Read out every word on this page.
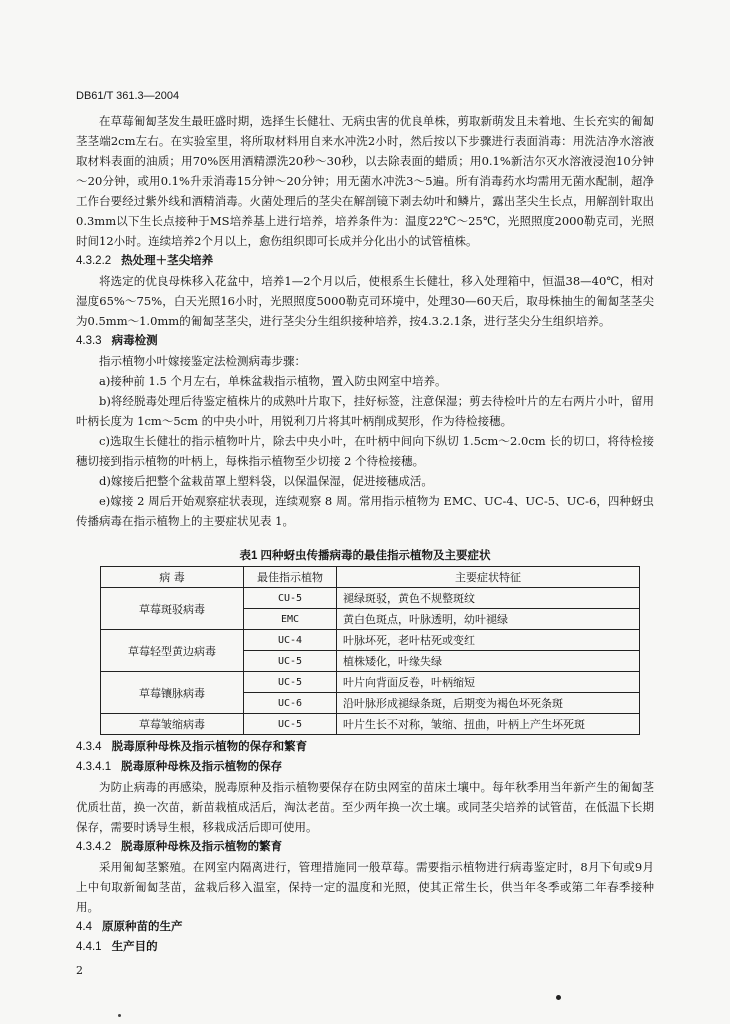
DB61/T 361.3—2004

在草莓匍匐茎发生最旺盛时期，选择生长健壮、无病虫害的优良单株，剪取新萌发且未着地、生长充实的匍匐茎茎端2cm左右。在实验室里，将所取材料用自来水冲洗2小时，然后按以下步骤进行表面消毒：用洗洁净水溶液取材料表面的油质；用70%医用酒精漂洗20秒～30秒，以去除表面的蜡质；用0.1%新洁尔灭水溶液浸泡10分钟～20分钟，或用0.1%升汞消毒15分钟～20分钟；用无菌水冲洗3～5遍。所有消毒药水均需用无菌水配制，超净工作台要经过紫外线和酒精消毒。火菌处理后的茎尖在解剖镜下剥去幼叶和鳞片，露出茎尖生长点，用解剖针取出0.3mm以下生长点接种于MS培养基上进行培养，培养条件为：温度22℃～25℃，光照照度2000勒克司，光照时间12小时。连续培养2个月以上，愈伤组织即可长成并分化出小的试管植株。

4.3.2.2 热处理＋茎尖培养

将选定的优良母株移入花盆中，培养1—2个月以后，使根系生长健壮，移入处理箱中，恒温38—40℃，相对湿度65%～75%，白天光照16小时，光照照度5000勒克司环境中，处理30—60天后，取母株抽生的匍匐茎茎尖为0.5mm～1.0mm的匍匐茎茎尖，进行茎尖分生组织接种培养，按4.3.2.1条，进行茎尖分生组织培养。

4.3.3 病毒检测

指示植物小叶嫁接鉴定法检测病毒步骤：

a)接种前 1.5 个月左右，单株盆栽指示植物，置入防虫网室中培养。

b)将经脱毒处理后待鉴定植株片的成熟叶片取下，挂好标签，注意保湿；剪去待检叶片的左右两片小叶，留用叶柄长度为 1cm～5cm 的中央小叶，用锐利刀片将其叶柄削成契形，作为待检接穗。

c)选取生长健壮的指示植物叶片，除去中央小叶，在叶柄中间向下纵切 1.5cm～2.0cm 长的切口，将待检接穗切接到指示植物的叶柄上，每株指示植物至少切接 2 个待检接穗。

d)嫁接后把整个盆栽苗罩上塑料袋，以保温保湿，促进接穗成活。

e)嫁接 2 周后开始观察症状表现，连续观察 8 周。常用指示植物为 EMC、UC-4、UC-5、UC-6，四种蚜虫传播病毒在指示植物上的主要症状见表 1。

表1 四种蚜虫传播病毒的最佳指示植物及主要症状
病 毒	最佳指示植物	主要症状特征
草莓斑驳病毒	CU-5	褪绿斑驳，黄色不规整斑纹
	EMC	黄白色斑点，叶脉透明，幼叶褪绿
草莓轻型黄边病毒	UC-4	叶脉坏死，老叶枯死或变红
	UC-5	植株矮化，叶缘失绿
草莓镶脉病毒	UC-5	叶片向背面反卷，叶柄缩短
	UC-6	沿叶脉形成褪绿条斑，后期变为褐色坏死条斑
草莓皱缩病毒	UC-5	叶片生长不对称，皱缩、扭曲，叶柄上产生坏死斑

4.3.4 脱毒原种母株及指示植物的保存和繁育

4.3.4.1 脱毒原种母株及指示植物的保存

为防止病毒的再感染，脱毒原种及指示植物要保存在防虫网室的苗床土壤中。每年秋季用当年新产生的匍匐茎优质壮苗，换一次苗，新苗栽植成活后，淘汰老苗。至少两年换一次土壤。或同茎尖培养的试管苗，在低温下长期保存，需要时诱导生根，移栽成活后即可使用。

4.3.4.2 脱毒原种母株及指示植物的繁育

采用匍匐茎繁殖。在网室内隔离进行，管理措施同一般草莓。需要指示植物进行病毒鉴定时，8月下旬或9月上中旬取新匍匐茎苗，盆栽后移入温室，保持一定的温度和光照，使其正常生长，供当年冬季或第二年春季接种用。

4.4 原原种苗的生产

4.4.1 生产目的

2
